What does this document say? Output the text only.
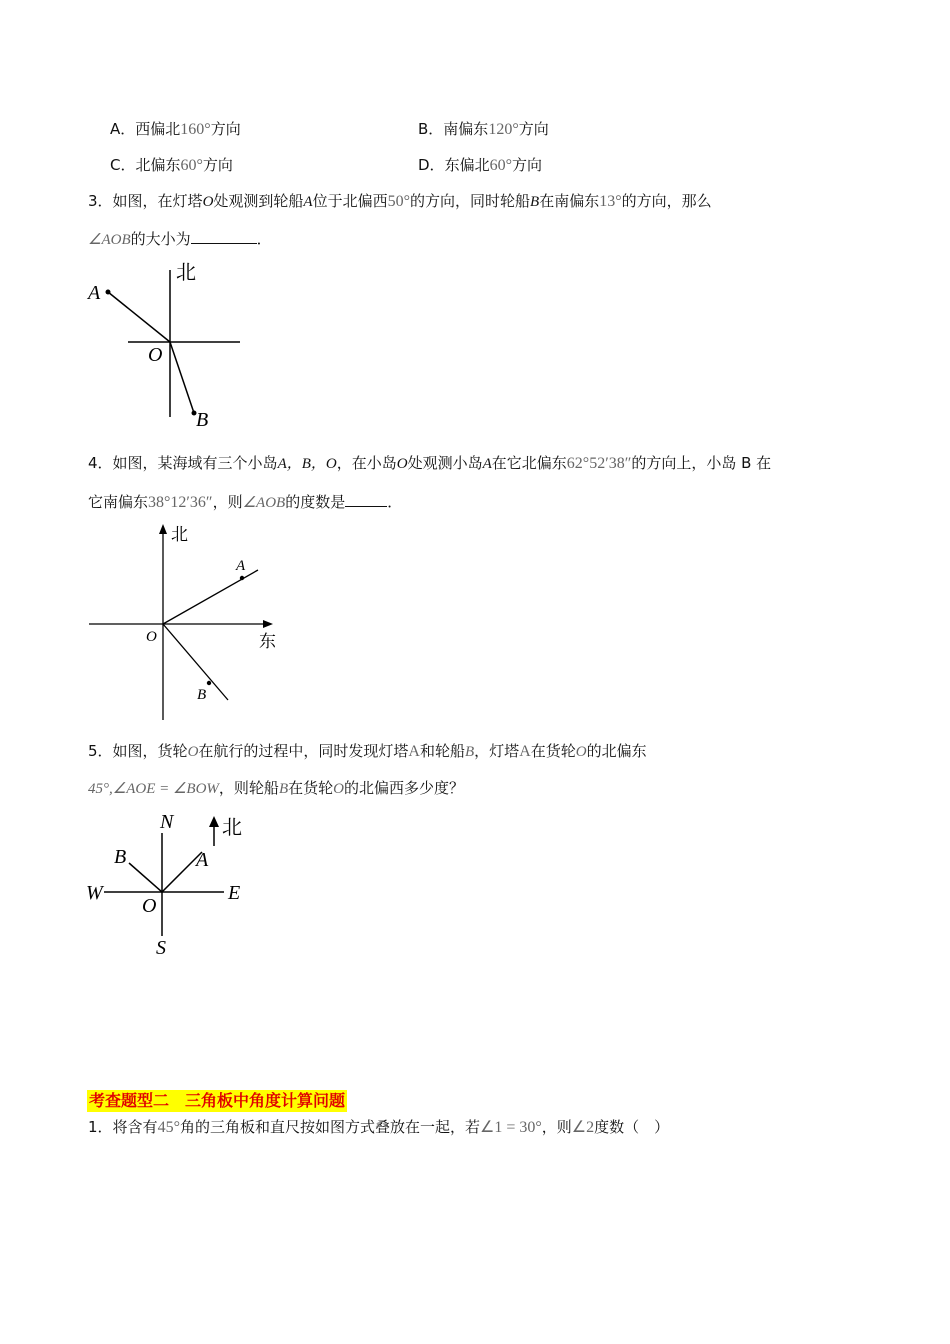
A．西偏北160°方向	B．南偏东120°方向
C．北偏东60°方向	D．东偏北60°方向
3．如图，在灯塔O处观测到轮船A位于北偏西50°的方向，同时轮船B在南偏东13°的方向，那么
∠AOB的大小为	．
北
A
O
B
4．如图，某海域有三个小岛A，B，O，在小岛O处观测小岛A在它北偏东62°52′38″的方向上，小岛 B 在
它南偏东38°12′36″，则∠AOB的度数是	．
北
东
A
O
B
5．如图，货轮O在航行的过程中，同时发现灯塔A和轮船B，灯塔A在货轮O的北偏东
45°,∠AOE = ∠BOW，则轮船B在货轮O的北偏西多少度？
N
S
W	E
O
A
B
北
考查题型二　三角板中角度计算问题
1．将含有45°角的三角板和直尺按如图方式叠放在一起，若∠1 = 30°，则∠2度数（　）
